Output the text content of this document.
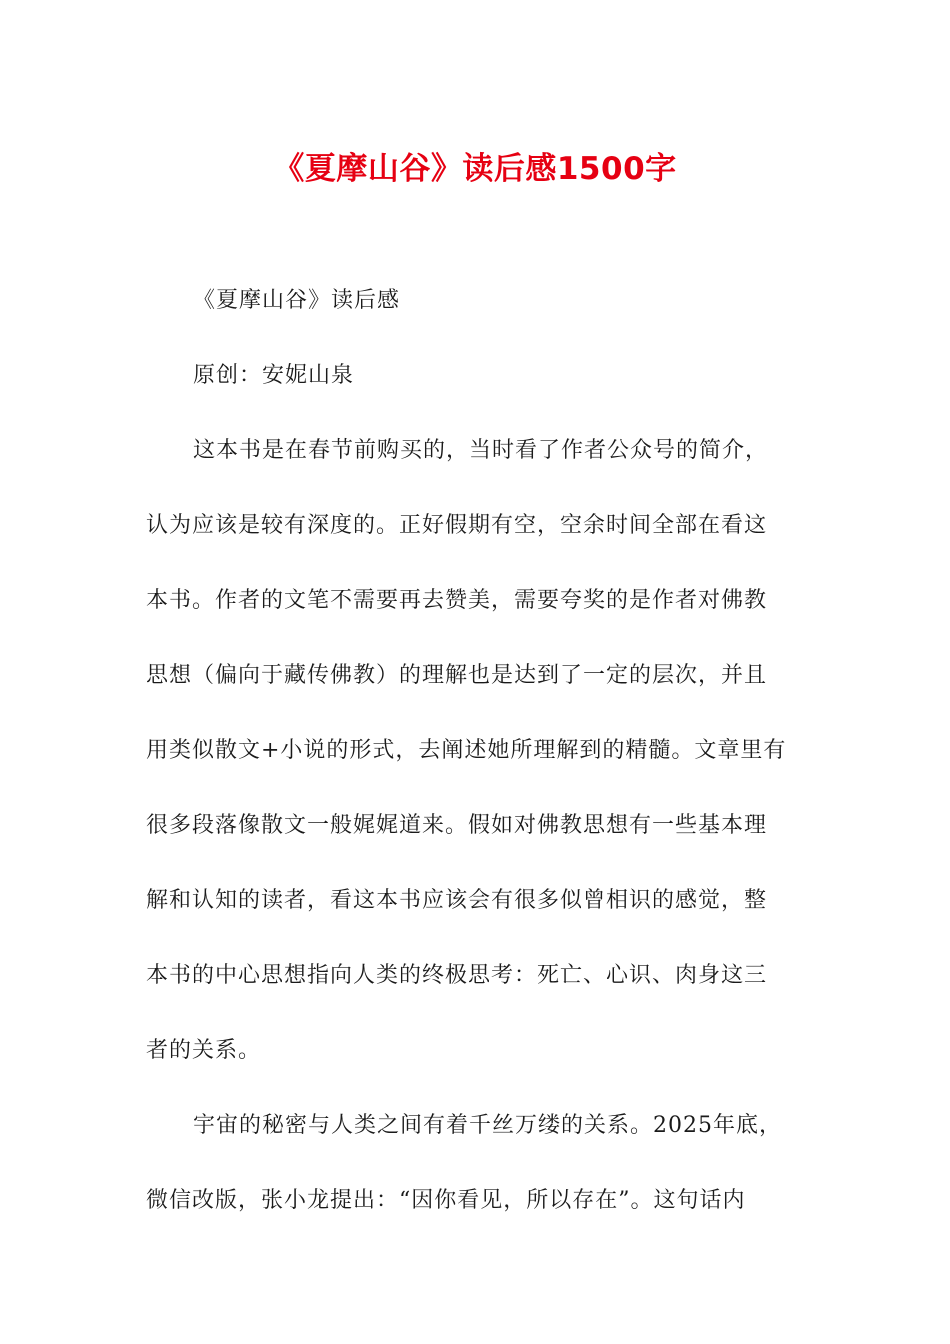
《夏摩山谷》读后感1500字
《夏摩山谷》读后感
原创：安妮山泉
这本书是在春节前购买的，当时看了作者公众号的简介，
认为应该是较有深度的。正好假期有空，空余时间全部在看这
本书。作者的文笔不需要再去赞美，需要夸奖的是作者对佛教
思想（偏向于藏传佛教）的理解也是达到了一定的层次，并且
用类似散文+小说的形式，去阐述她所理解到的精髓。文章里有
很多段落像散文一般娓娓道来。假如对佛教思想有一些基本理
解和认知的读者，看这本书应该会有很多似曾相识的感觉，整
本书的中心思想指向人类的终极思考：死亡、心识、肉身这三
者的关系。
宇宙的秘密与人类之间有着千丝万缕的关系。2025年底，
微信改版，张小龙提出：“因你看见，所以存在”。这句话内
